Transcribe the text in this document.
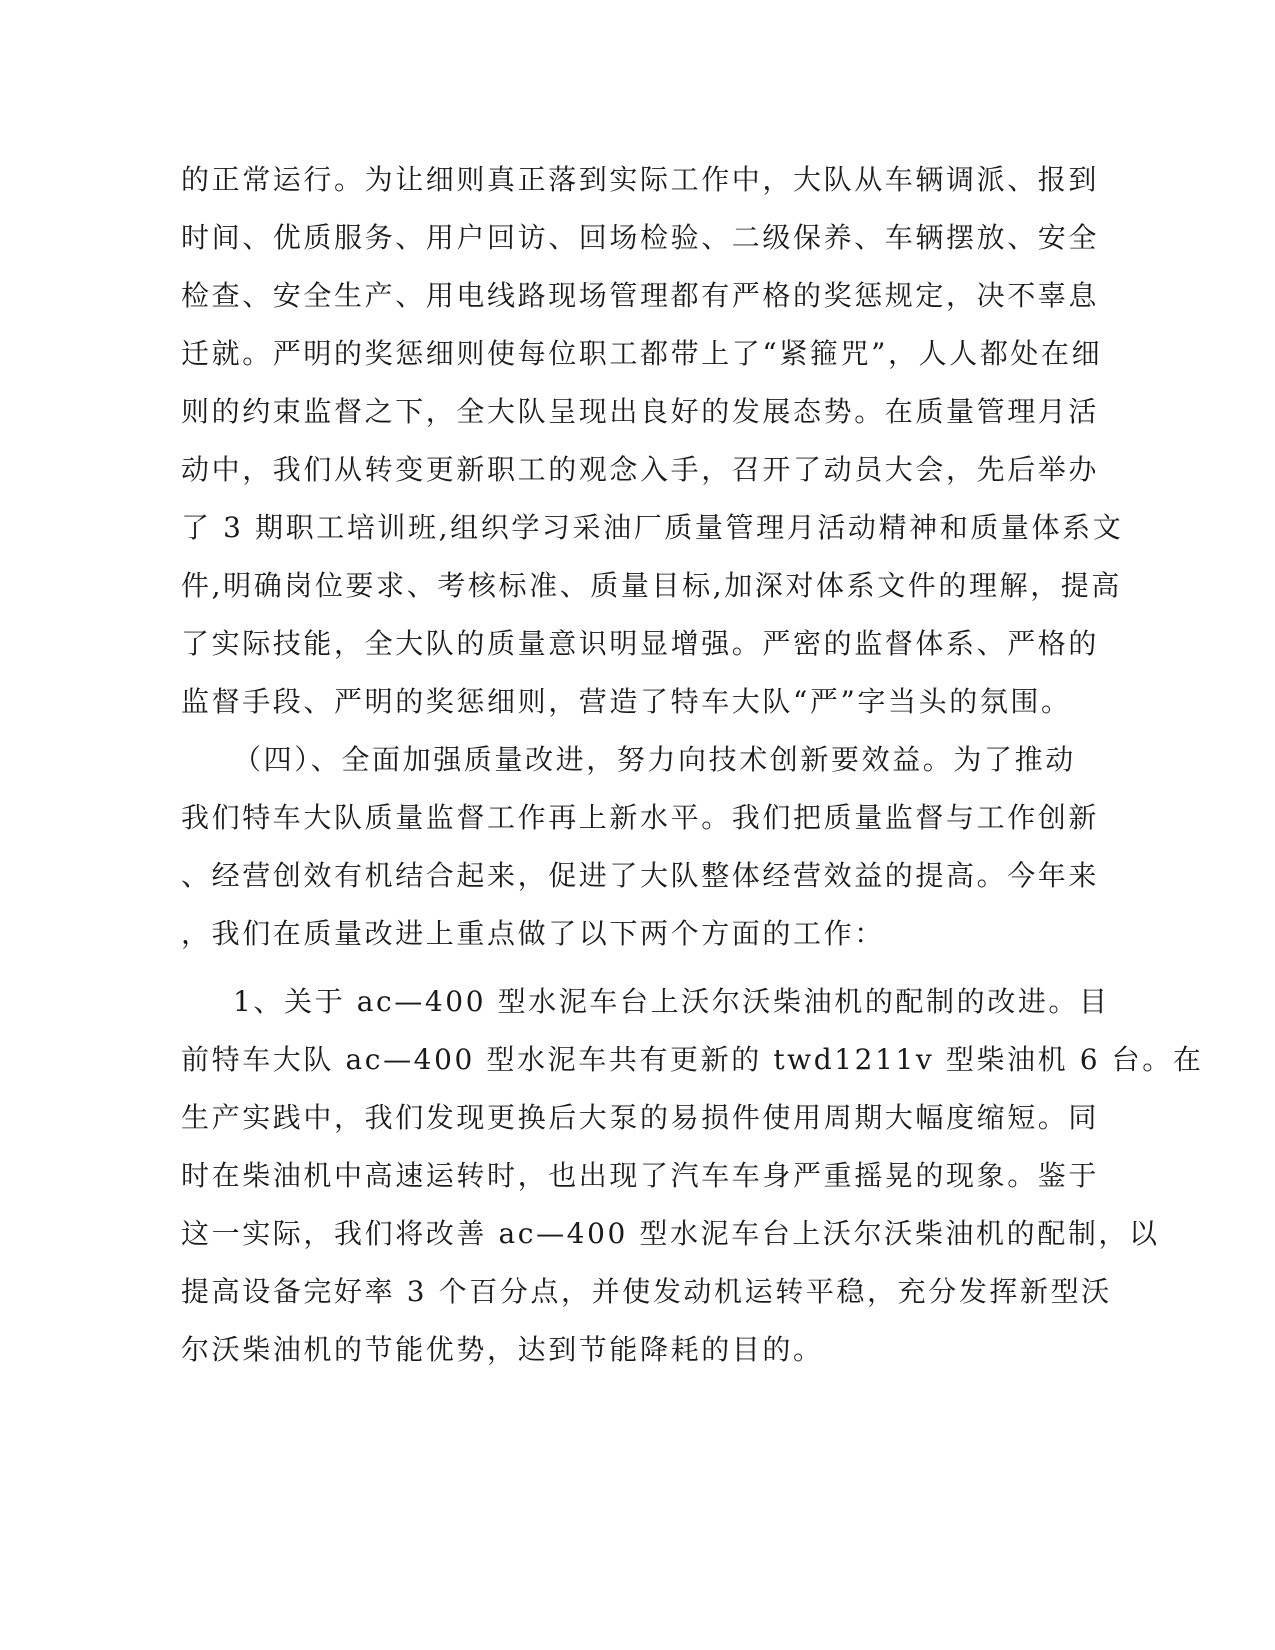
的正常运行。为让细则真正落到实际工作中，大队从车辆调派、报到
时间、优质服务、用户回访、回场检验、二级保养、车辆摆放、安全
检查、安全生产、用电线路现场管理都有严格的奖惩规定，决不辜息
迁就。严明的奖惩细则使每位职工都带上了“紧箍咒”，人人都处在细
则的约束监督之下，全大队呈现出良好的发展态势。在质量管理月活
动中，我们从转变更新职工的观念入手，召开了动员大会，先后举办
了 3 期职工培训班,组织学习采油厂质量管理月活动精神和质量体系文
件,明确岗位要求、考核标准、质量目标,加深对体系文件的理解，提高
了实际技能，全大队的质量意识明显增强。严密的监督体系、严格的
监督手段、严明的奖惩细则，营造了特车大队“严”字当头的氛围。
（四）、全面加强质量改进，努力向技术创新要效益。为了推动
我们特车大队质量监督工作再上新水平。我们把质量监督与工作创新
、经营创效有机结合起来，促进了大队整体经营效益的提高。今年来
，我们在质量改进上重点做了以下两个方面的工作：
1、关于 ac—400 型水泥车台上沃尔沃柴油机的配制的改进。目
前特车大队 ac—400 型水泥车共有更新的 twd1211v 型柴油机 6 台。在
生产实践中，我们发现更换后大泵的易损件使用周期大幅度缩短。同
时在柴油机中高速运转时，也出现了汽车车身严重摇晃的现象。鉴于
这一实际，我们将改善 ac—400 型水泥车台上沃尔沃柴油机的配制，以
提高设备完好率 3 个百分点，并使发动机运转平稳，充分发挥新型沃
尔沃柴油机的节能优势，达到节能降耗的目的。
